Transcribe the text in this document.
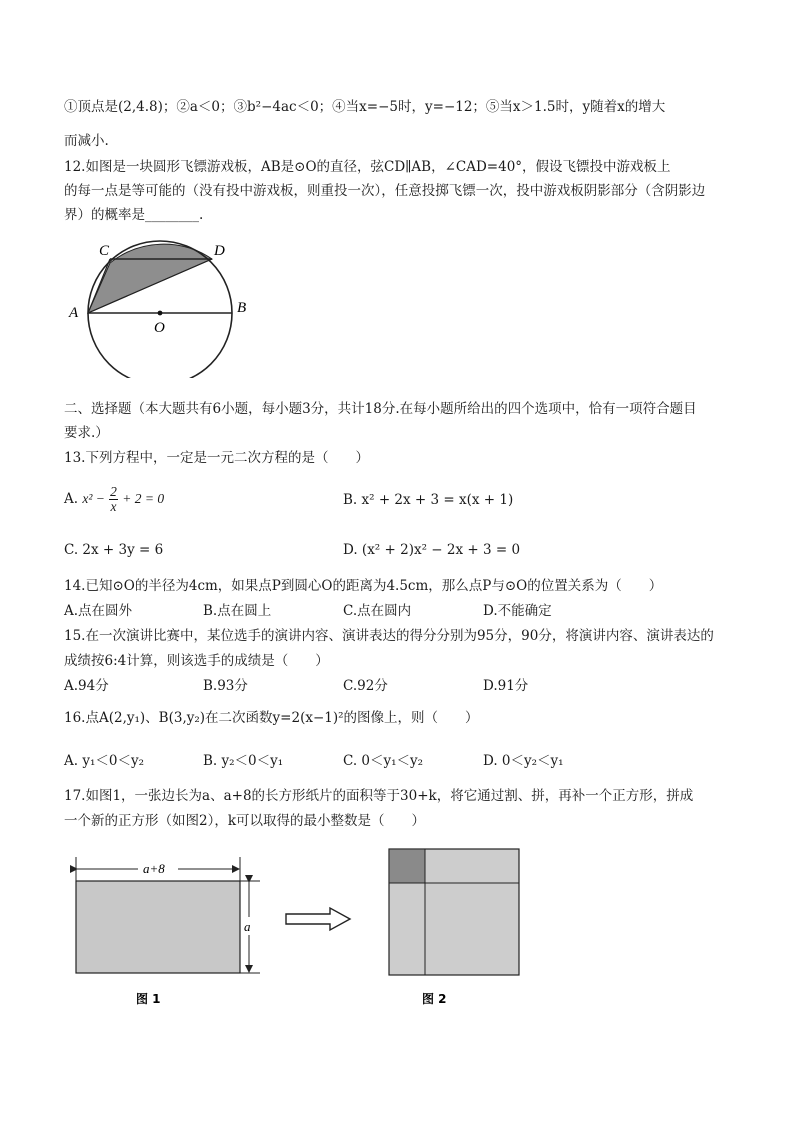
①顶点是(2,4.8)；②a＜0；③b²−4ac＜0；④当x=−5时，y=−12；⑤当x＞1.5时，y随着x的增大
而减小.
12.如图是一块圆形飞镖游戏板，AB是⊙O的直径，弦CD∥AB，∠CAD=40°，假设飞镖投中游戏板上
的每一点是等可能的（没有投中游戏板，则重投一次），任意投掷飞镖一次，投中游戏板阴影部分（含阴影边
界）的概率是________.
A	B
C	D
O
二、选择题（本大题共有6小题，每小题3分，共计18分.在每小题所给出的四个选项中，恰有一项符合题目
要求.）
13.下列方程中，一定是一元二次方程的是（　　）
A. $x^2 - \frac{2}{x} + 2 = 0$	B. x² + 2x + 3 = x(x + 1)
C. 2x + 3y = 6	D. (x² + 2)x² − 2x + 3 = 0
14.已知⊙O的半径为4cm，如果点P到圆心O的距离为4.5cm，那么点P与⊙O的位置关系为（　　）
A.点在圆外	B.点在圆上	C.点在圆内	D.不能确定
15.在一次演讲比赛中，某位选手的演讲内容、演讲表达的得分分别为95分，90分，将演讲内容、演讲表达的
成绩按6:4计算，则该选手的成绩是（　　）
A.94分	B.93分	C.92分	D.91分
16.点A(2,y₁)、B(3,y₂)在二次函数y=2(x−1)²的图像上，则（　　）
A. y₁＜0＜y₂	B. y₂＜0＜y₁	C. 0＜y₁＜y₂	D. 0＜y₂＜y₁
17.如图1，一张边长为a、a+8的长方形纸片的面积等于30+k，将它通过割、拼，再补一个正方形，拼成
一个新的正方形（如图2），k可以取得的最小整数是（　　）
a+8
a
图 1	图 2
